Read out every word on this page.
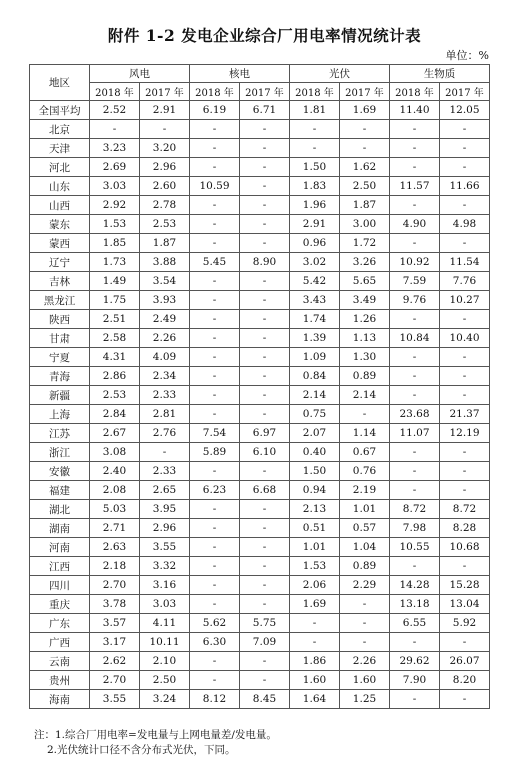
附件 1-2 发电企业综合厂用电率情况统计表
单位：%
地区	风电		核电		光伏		生物质	
	2018 年	2017 年	2018 年	2017 年	2018 年	2017 年	2018 年	2017 年
全国平均	2.52	2.91	6.19	6.71	1.81	1.69	11.40	12.05
北京	-	-	-	-	-	-	-	-
天津	3.23	3.20	-	-	-	-	-	-
河北	2.69	2.96	-	-	1.50	1.62	-	-
山东	3.03	2.60	10.59	-	1.83	2.50	11.57	11.66
山西	2.92	2.78	-	-	1.96	1.87	-	-
蒙东	1.53	2.53	-	-	2.91	3.00	4.90	4.98
蒙西	1.85	1.87	-	-	0.96	1.72	-	-
辽宁	1.73	3.88	5.45	8.90	3.02	3.26	10.92	11.54
吉林	1.49	3.54	-	-	5.42	5.65	7.59	7.76
黑龙江	1.75	3.93	-	-	3.43	3.49	9.76	10.27
陕西	2.51	2.49	-	-	1.74	1.26	-	-
甘肃	2.58	2.26	-	-	1.39	1.13	10.84	10.40
宁夏	4.31	4.09	-	-	1.09	1.30	-	-
青海	2.86	2.34	-	-	0.84	0.89	-	-
新疆	2.53	2.33	-	-	2.14	2.14	-	-
上海	2.84	2.81	-	-	0.75	-	23.68	21.37
江苏	2.67	2.76	7.54	6.97	2.07	1.14	11.07	12.19
浙江	3.08	-	5.89	6.10	0.40	0.67	-	-
安徽	2.40	2.33	-	-	1.50	0.76	-	-
福建	2.08	2.65	6.23	6.68	0.94	2.19	-	-
湖北	5.03	3.95	-	-	2.13	1.01	8.72	8.72
湖南	2.71	2.96	-	-	0.51	0.57	7.98	8.28
河南	2.63	3.55	-	-	1.01	1.04	10.55	10.68
江西	2.18	3.32	-	-	1.53	0.89	-	-
四川	2.70	3.16	-	-	2.06	2.29	14.28	15.28
重庆	3.78	3.03	-	-	1.69	-	13.18	13.04
广东	3.57	4.11	5.62	5.75	-	-	6.55	5.92
广西	3.17	10.11	6.30	7.09	-	-	-	-
云南	2.62	2.10	-	-	1.86	2.26	29.62	26.07
贵州	2.70	2.50	-	-	1.60	1.60	7.90	8.20
海南	3.55	3.24	8.12	8.45	1.64	1.25	-	-
注：1.综合厂用电率=发电量与上网电量差/发电量。
2.光伏统计口径不含分布式光伏，下同。
